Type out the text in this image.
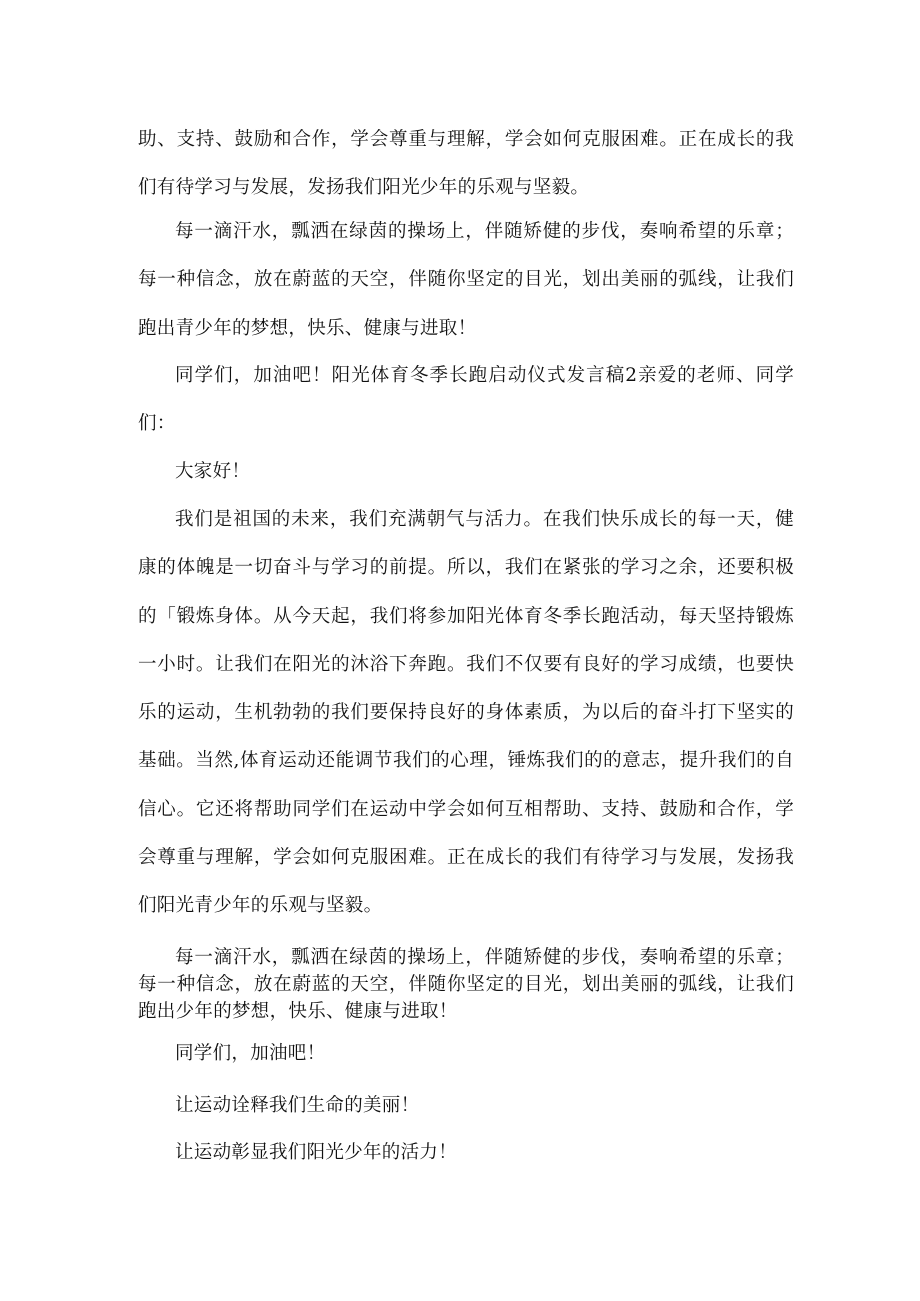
助、支持、鼓励和合作，学会尊重与理解，学会如何克服困难。正在成长的我们有待学习与发展，发扬我们阳光少年的乐观与坚毅。

每一滴汗水，瓢洒在绿茵的操场上，伴随矫健的步伐，奏响希望的乐章；每一种信念，放在蔚蓝的天空，伴随你坚定的目光，划出美丽的弧线，让我们跑出青少年的梦想，快乐、健康与进取！

同学们，加油吧！阳光体育冬季长跑启动仪式发言稿2亲爱的老师、同学们：

大家好！

我们是祖国的未来，我们充满朝气与活力。在我们快乐成长的每一天，健康的体魄是一切奋斗与学习的前提。所以，我们在紧张的学习之余，还要积极的「锻炼身体。从今天起，我们将参加阳光体育冬季长跑活动，每天坚持锻炼一小时。让我们在阳光的沐浴下奔跑。我们不仅要有良好的学习成绩，也要快乐的运动，生机勃勃的我们要保持良好的身体素质，为以后的奋斗打下坚实的基础。当然,体育运动还能调节我们的心理，锤炼我们的的意志，提升我们的自信心。它还将帮助同学们在运动中学会如何互相帮助、支持、鼓励和合作，学会尊重与理解，学会如何克服困难。正在成长的我们有待学习与发展，发扬我们阳光青少年的乐观与坚毅。

每一滴汗水，瓢洒在绿茵的操场上，伴随矫健的步伐，奏响希望的乐章；每一种信念，放在蔚蓝的天空，伴随你坚定的目光，划出美丽的弧线，让我们跑出少年的梦想，快乐、健康与进取！

同学们，加油吧！

让运动诠释我们生命的美丽！

让运动彰显我们阳光少年的活力！
